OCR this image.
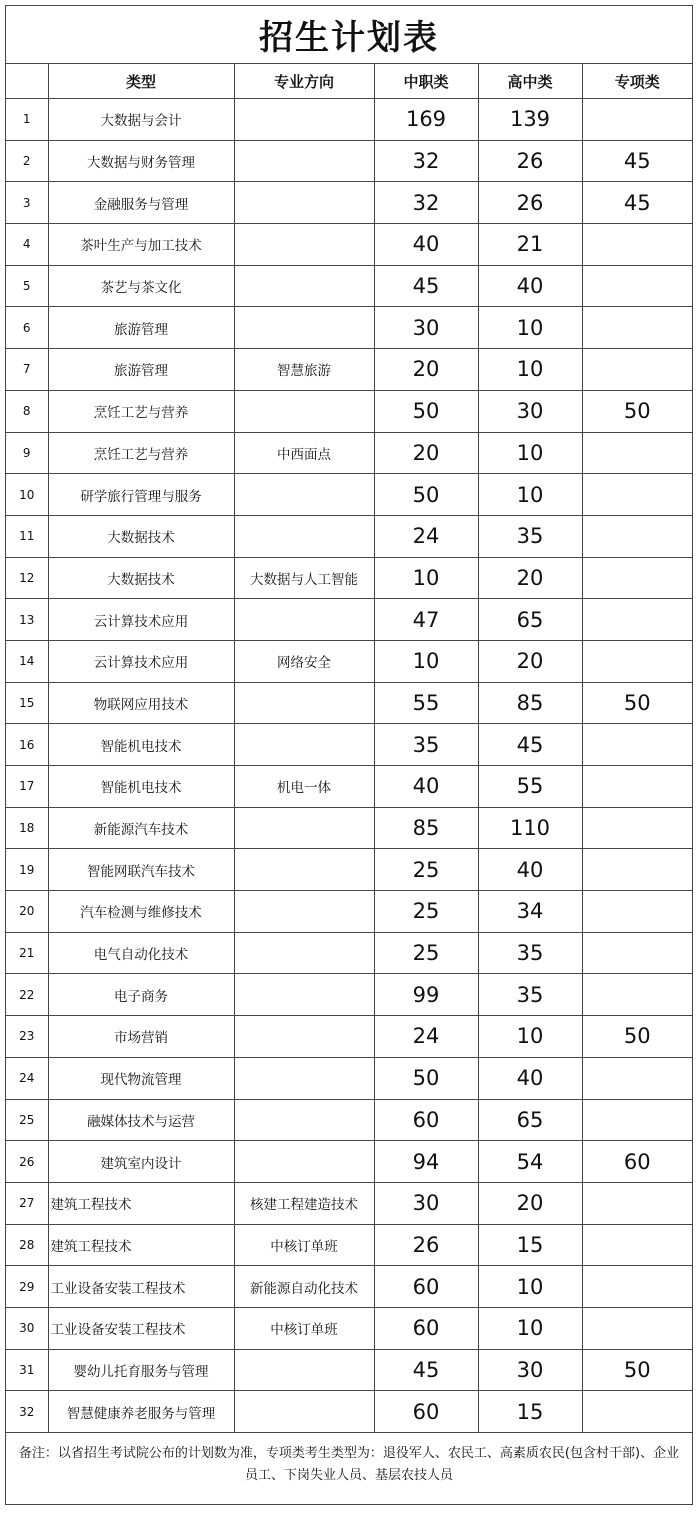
招生计划表
	类型	专业方向	中职类	高中类	专项类
1	大数据与会计		169	139	
2	大数据与财务管理		32	26	45
3	金融服务与管理		32	26	45
4	茶叶生产与加工技术		40	21	
5	茶艺与茶文化		45	40	
6	旅游管理		30	10	
7	旅游管理	智慧旅游	20	10	
8	烹饪工艺与营养		50	30	50
9	烹饪工艺与营养	中西面点	20	10	
10	研学旅行管理与服务		50	10	
11	大数据技术		24	35	
12	大数据技术	大数据与人工智能	10	20	
13	云计算技术应用		47	65	
14	云计算技术应用	网络安全	10	20	
15	物联网应用技术		55	85	50
16	智能机电技术		35	45	
17	智能机电技术	机电一体	40	55	
18	新能源汽车技术		85	110	
19	智能网联汽车技术		25	40	
20	汽车检测与维修技术		25	34	
21	电气自动化技术		25	35	
22	电子商务		99	35	
23	市场营销		24	10	50
24	现代物流管理		50	40	
25	融媒体技术与运营		60	65	
26	建筑室内设计		94	54	60
27	建筑工程技术	核建工程建造技术	30	20	
28	建筑工程技术	中核订单班	26	15	
29	工业设备安装工程技术	新能源自动化技术	60	10	
30	工业设备安装工程技术	中核订单班	60	10	
31	婴幼儿托育服务与管理		45	30	50
32	智慧健康养老服务与管理		60	15	
备注：以省招生考试院公布的计划数为准，专项类考生类型为：退役军人、农民工、高素质农民(包含村干部)、企业员工、下岗失业人员、基层农技人员
